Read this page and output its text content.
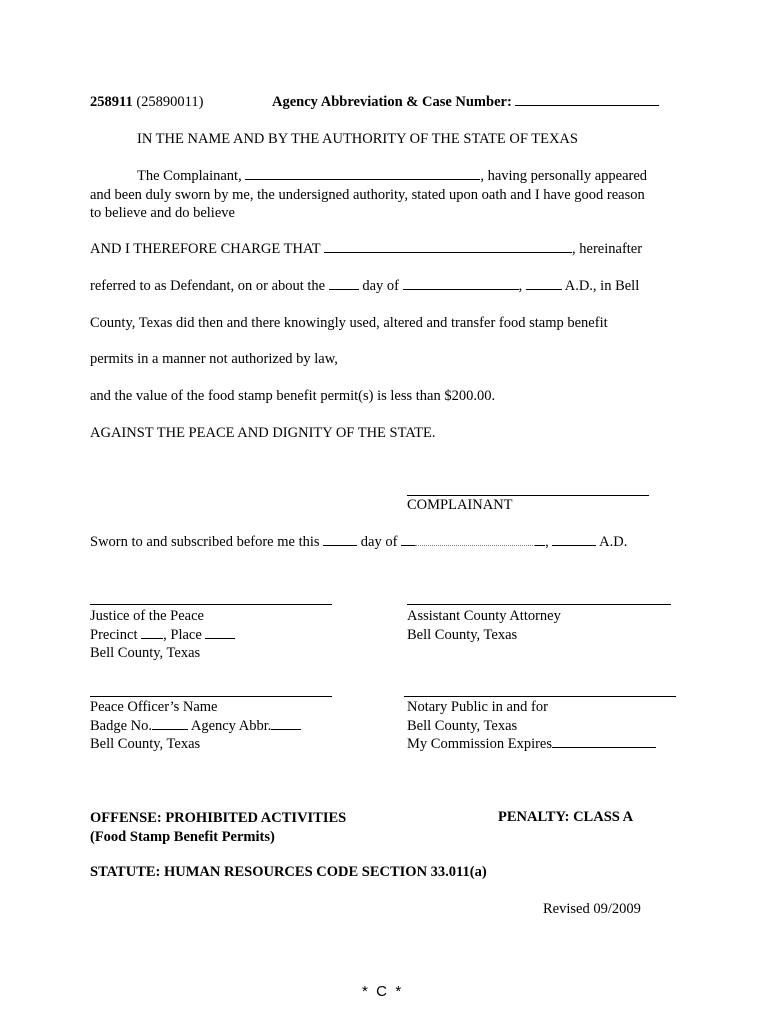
258911 (25890011)	Agency Abbreviation & Case Number:
IN THE NAME AND BY THE AUTHORITY OF THE STATE OF TEXAS
The Complainant,	, having personally appeared
and been duly sworn by me, the undersigned authority, stated upon oath and I have good reason
to believe and do believe
AND I THEREFORE CHARGE THAT	, hereinafter
referred to as Defendant, on or about the	day of	,	A.D., in Bell
County, Texas did then and there knowingly used, altered and transfer food stamp benefit
permits in a manner not authorized by law,
and the value of the food stamp benefit permit(s) is less than $200.00.
AGAINST THE PEACE AND DIGNITY OF THE STATE.
COMPLAINANT
Sworn to and subscribed before me this	day of	,	A.D.
Justice of the Peace
Precinct , Place
Bell County, Texas
Assistant County Attorney
Bell County, Texas
Peace Officer’s Name
Badge No.	Agency Abbr.
Bell County, Texas
Notary Public in and for
Bell County, Texas
My Commission Expires
OFFENSE: PROHIBITED ACTIVITIES
(Food Stamp Benefit Permits)
PENALTY: CLASS A
STATUTE: HUMAN RESOURCES CODE SECTION 33.011(a)
Revised 09/2009
*  C  *
